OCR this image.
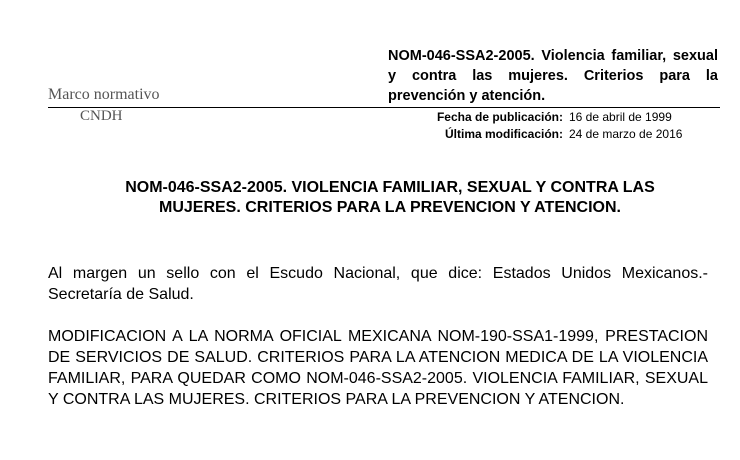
Marco normativo
CNDH
NOM-046-SSA2-2005. Violencia familiar, sexual y contra las mujeres. Criterios para la prevención y atención.
Fecha de publicación: 16 de abril de 1999
Última modificación: 24 de marzo de 2016
NOM-046-SSA2-2005. VIOLENCIA FAMILIAR, SEXUAL Y CONTRA LAS
MUJERES. CRITERIOS PARA LA PREVENCION Y ATENCION.
Al margen un sello con el Escudo Nacional, que dice: Estados Unidos Mexicanos.- Secretaría de Salud.
MODIFICACION A LA NORMA OFICIAL MEXICANA NOM-190-SSA1-1999, PRESTACION DE SERVICIOS DE SALUD. CRITERIOS PARA LA ATENCION MEDICA DE LA VIOLENCIA FAMILIAR, PARA QUEDAR COMO NOM-046-SSA2-2005. VIOLENCIA FAMILIAR, SEXUAL Y CONTRA LAS MUJERES. CRITERIOS PARA LA PREVENCION Y ATENCION.
